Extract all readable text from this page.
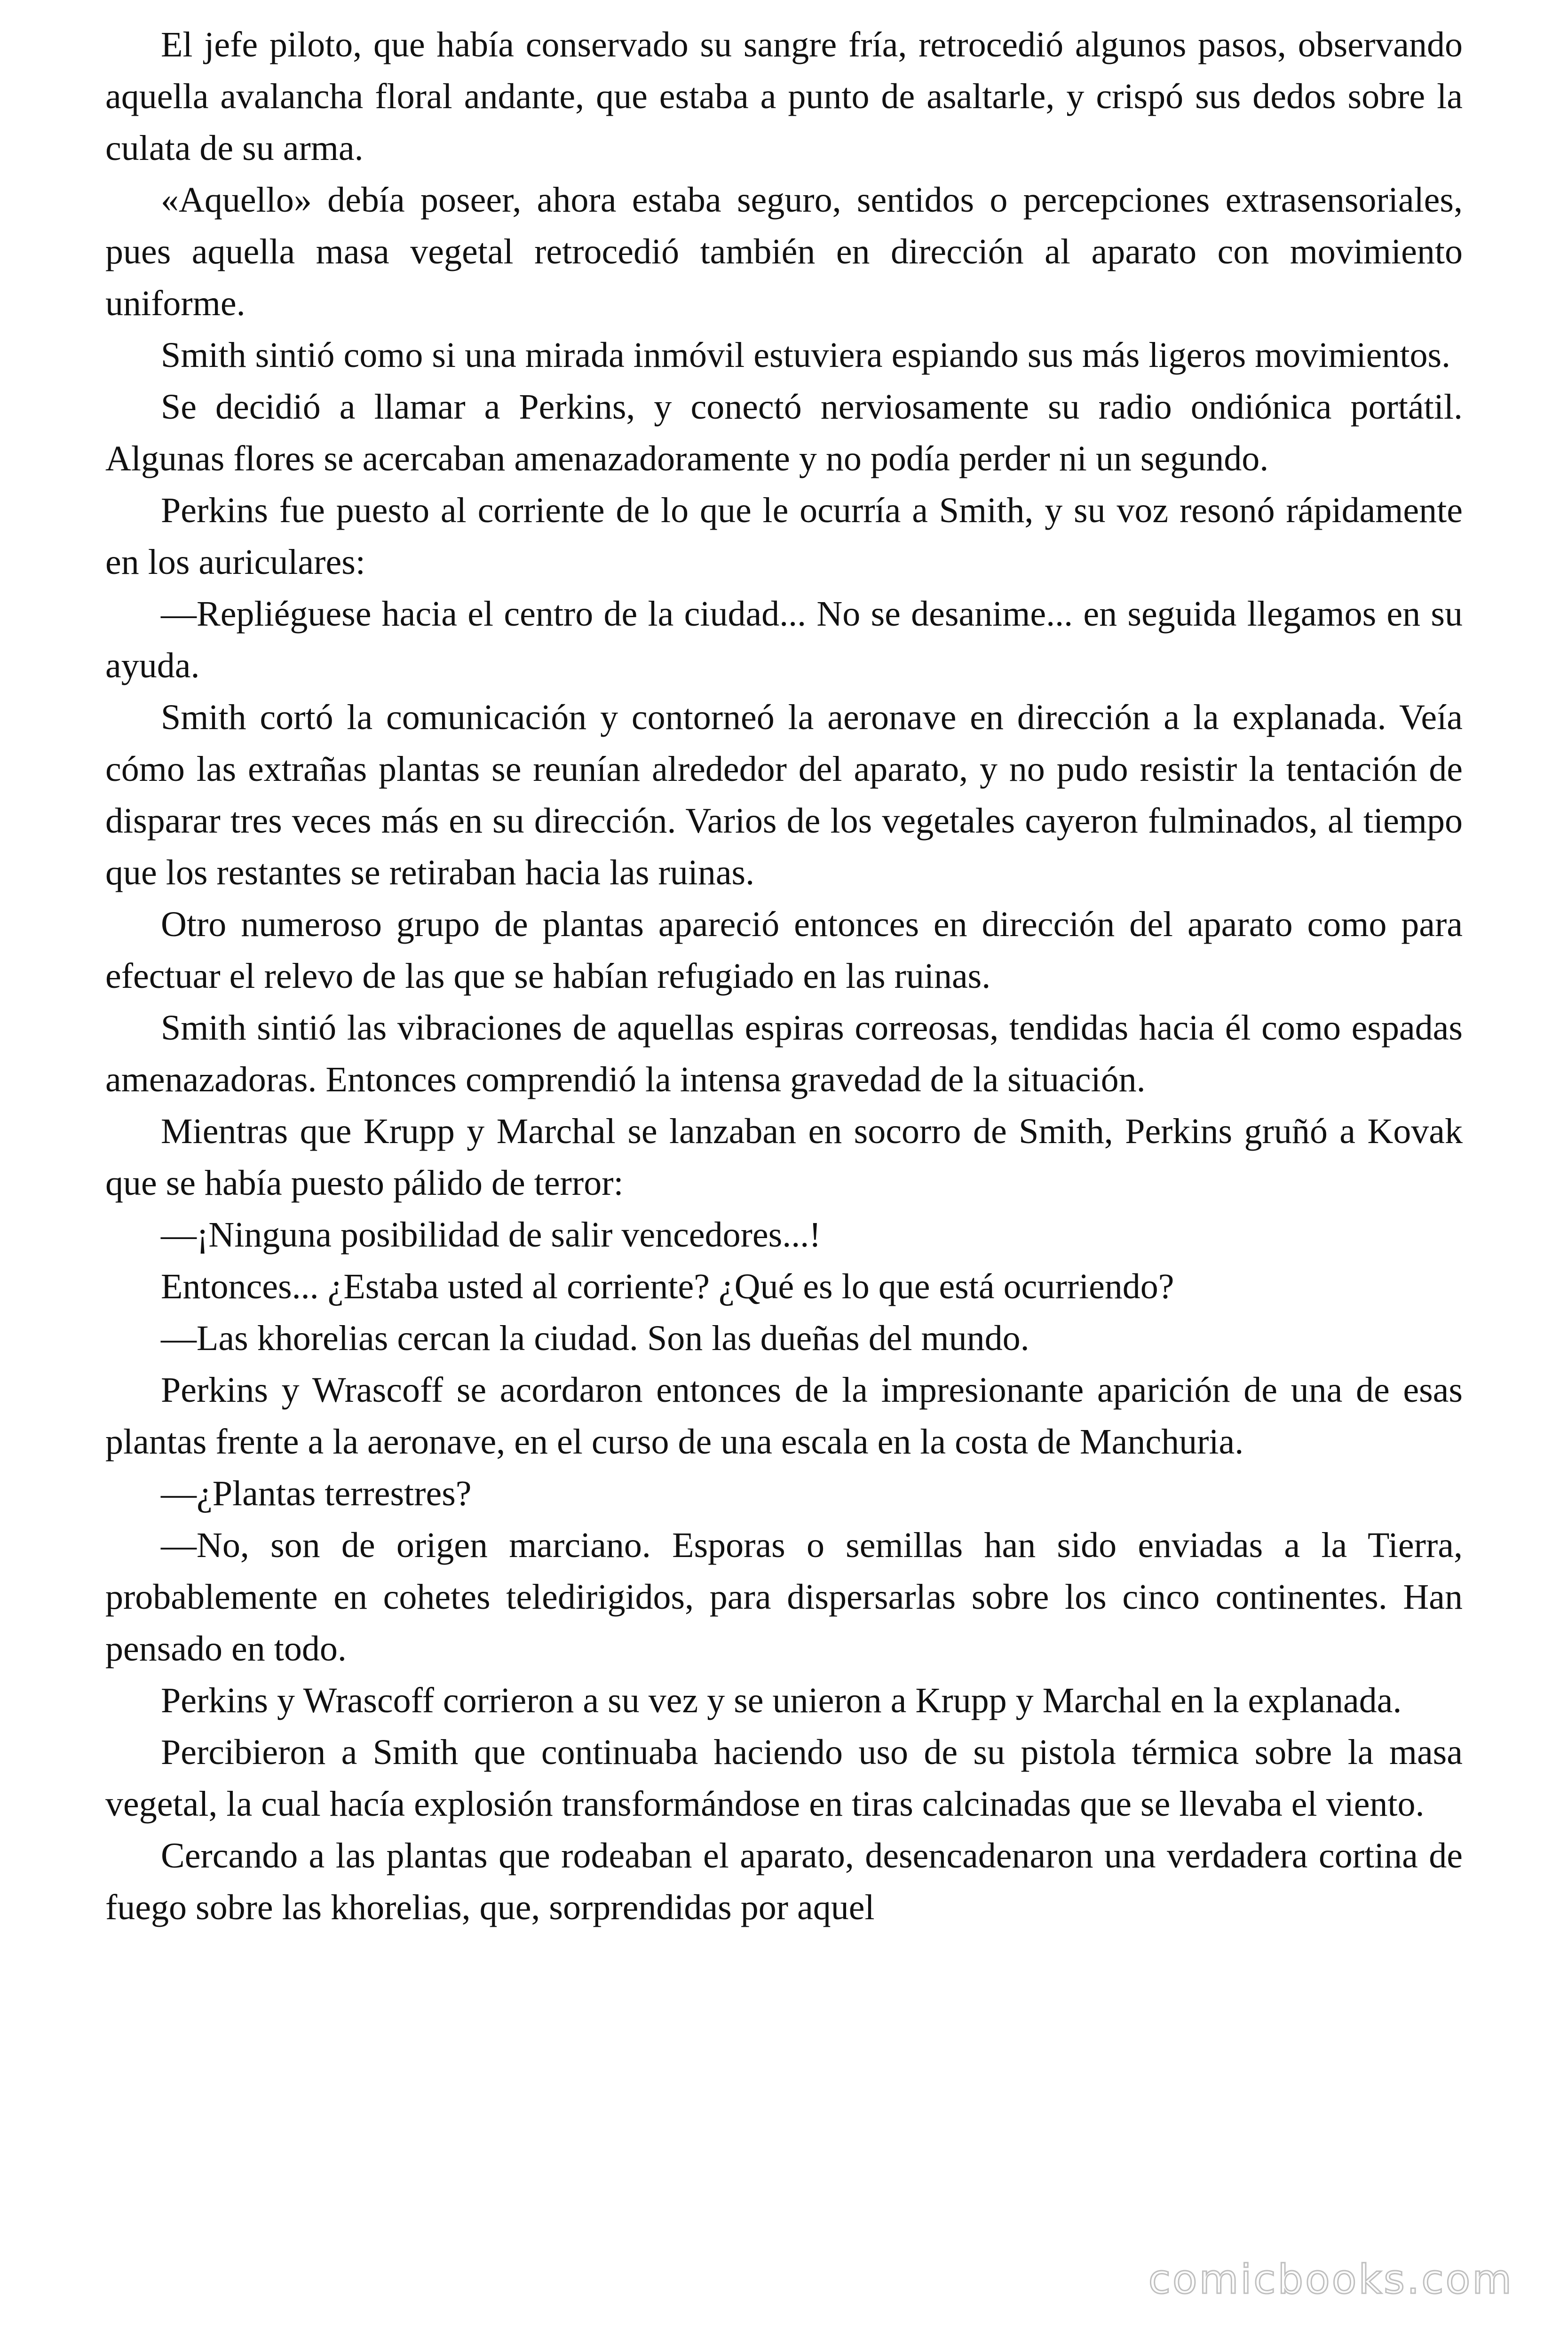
El jefe piloto, que había conservado su sangre fría, retrocedió algunos pasos, observando aquella avalancha floral andante, que estaba a punto de asaltarle, y crispó sus dedos sobre la culata de su arma.

«Aquello» debía poseer, ahora estaba seguro, sentidos o percepciones extrasensoriales, pues aquella masa vegetal retrocedió también en dirección al aparato con movimiento uniforme.

Smith sintió como si una mirada inmóvil estuviera espiando sus más ligeros movimientos.

Se decidió a llamar a Perkins, y conectó nerviosamente su radio ondiónica portátil. Algunas flores se acercaban amenazadoramente y no podía perder ni un segundo.

Perkins fue puesto al corriente de lo que le ocurría a Smith, y su voz resonó rápidamente en los auriculares:

—Repliéguese hacia el centro de la ciudad... No se desanime... en seguida llegamos en su ayuda.

Smith cortó la comunicación y contorneó la aeronave en dirección a la explanada. Veía cómo las extrañas plantas se reunían alrededor del aparato, y no pudo resistir la tentación de disparar tres veces más en su dirección. Varios de los vegetales cayeron fulminados, al tiempo que los restantes se retiraban hacia las ruinas.

Otro numeroso grupo de plantas apareció entonces en dirección del aparato como para efectuar el relevo de las que se habían refugiado en las ruinas.

Smith sintió las vibraciones de aquellas espiras correosas, tendidas hacia él como espadas amenazadoras. Entonces comprendió la intensa gravedad de la situación.

Mientras que Krupp y Marchal se lanzaban en socorro de Smith, Perkins gruñó a Kovak que se había puesto pálido de terror:

—¡Ninguna posibilidad de salir vencedores...!

Entonces... ¿Estaba usted al corriente? ¿Qué es lo que está ocurriendo?

—Las khorelias cercan la ciudad. Son las dueñas del mundo.

Perkins y Wrascoff se acordaron entonces de la impresionante aparición de una de esas plantas frente a la aeronave, en el curso de una escala en la costa de Manchuria.

—¿Plantas terrestres?

—No, son de origen marciano. Esporas o semillas han sido enviadas a la Tierra, probablemente en cohetes teledirigidos, para dispersarlas sobre los cinco continentes. Han pensado en todo.

Perkins y Wrascoff corrieron a su vez y se unieron a Krupp y Marchal en la explanada.

Percibieron a Smith que continuaba haciendo uso de su pistola térmica sobre la masa vegetal, la cual hacía explosión transformándose en tiras calcinadas que se llevaba el viento.

Cercando a las plantas que rodeaban el aparato, desencadenaron una verdadera cortina de fuego sobre las khorelias, que, sorprendidas por aquel

comicbooks.com
